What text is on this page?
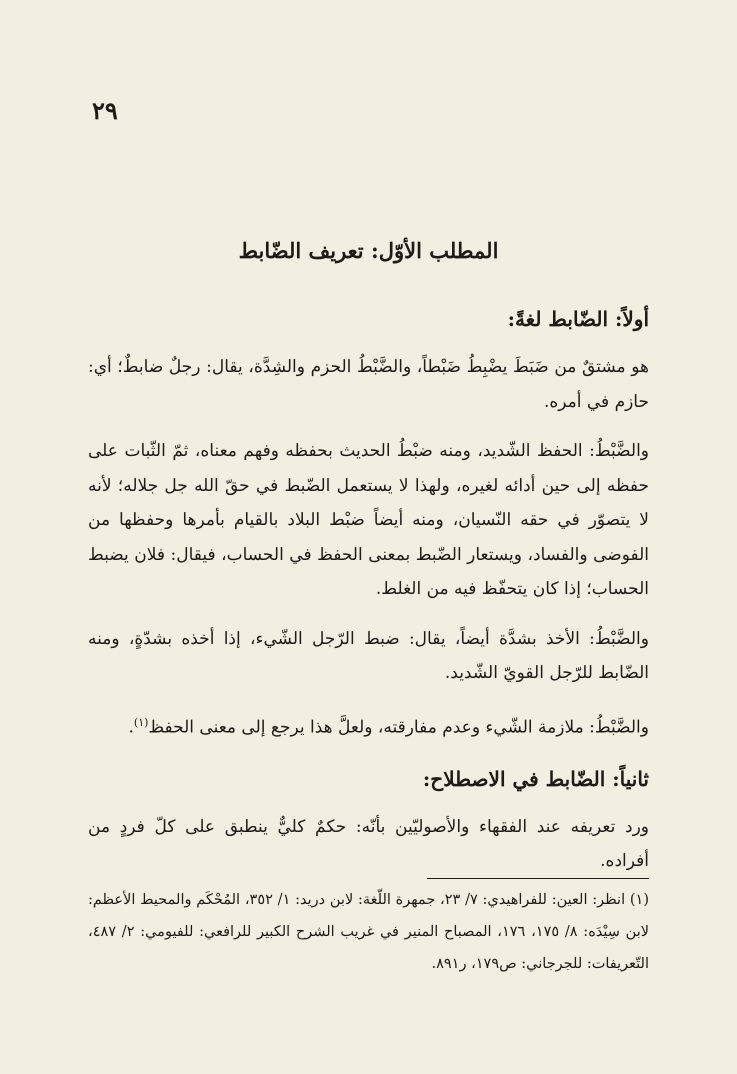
٢٩
المطلب الأوّل: تعريف الضّابط
أولاً: الضّابط لغةً:

هو مشتقٌ من ضَبَطَ يضْبِطُ ضَبْطاً، والضَّبْطُ الحزم والشِدَّة، يقال: رجلٌ ضابطٌ؛ أي: حازم في أمره.

والضَّبْطُ: الحفظ الشّديد، ومنه ضبْطُ الحديث بحفظه وفهم معناه، ثمّ الثّبات على حفظه إلى حين أدائه لغيره، ولهذا لا يستعمل الضّبط في حقّ الله جل جلاله؛ لأنه لا يتصوّر في حقه النّسيان، ومنه أيضاً ضبْط البلاد بالقيام بأمرها وحفظها من الفوضى والفساد، ويستعار الضّبط بمعنى الحفظ في الحساب، فيقال: فلان يضبط الحساب؛ إذا كان يتحفّظ فيه من الغلط.

والضَّبْطُ: الأخذ بشدَّة أيضاً، يقال: ضبط الرّجل الشّيء، إذا أخذه بشدّةٍ، ومنه الضّابط للرّجل القويّ الشّديد.

والضَّبْطُ: ملازمة الشّيء وعدم مفارقته، ولعلَّ هذا يرجع إلى معنى الحفظ$^{(١)}$.

ثانياً: الضّابط في الاصطلاح:

ورد تعريفه عند الفقهاء والأصوليّين بأنّه: حكمٌ كليٌّ ينطبق على كلّ فردٍ من أفراده.

(١) انظر: العين: للفراهيدي: ٧/ ٢٣، جمهرة اللّغة: لابن دريد: ١/ ٣٥٢، المُحْكَم والمحيط الأعظم: لابن سِيْدَه: ٨/ ١٧٥، ١٧٦، المصباح المنير في غريب الشرح الكبير للرافعي: للفيومي: ٢/ ٤٨٧، التّعريفات: للجرجاني: ص١٧٩، ر٨٩١.
